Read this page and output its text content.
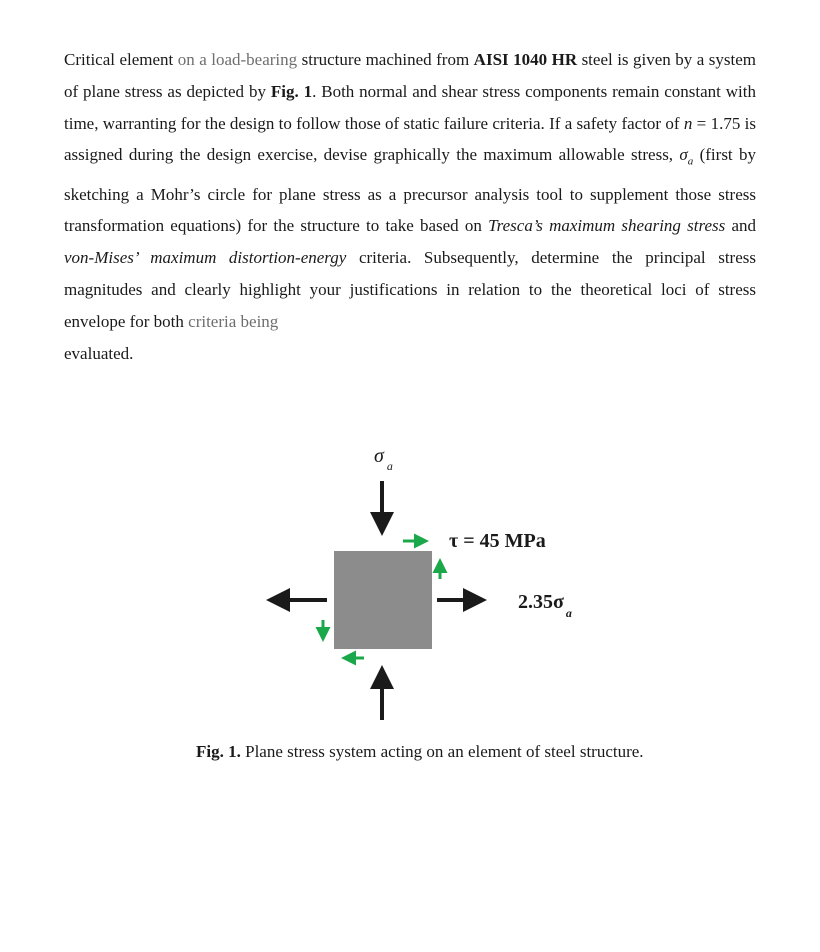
Critical element on a load-bearing structure machined from AISI 1040 HR steel is given by a system of plane stress as depicted by Fig. 1. Both normal and shear stress components remain constant with time, warranting for the design to follow those of static failure criteria. If a safety factor of n = 1.75 is assigned during the design exercise, devise graphically the maximum allowable stress, $\sigma_a$ (first by sketching a Mohr’s circle for plane stress as a precursor analysis tool to supplement those stress transformation equations) for the structure to take based on Tresca’s maximum shearing stress and von-Mises’ maximum distortion-energy criteria. Subsequently, determine the principal stress magnitudes and clearly highlight your justifications in relation to the theoretical loci of stress envelope for both criteria being
evaluated.

σ $_a$
τ = 45 MPa
2.35σ $_a$
Fig. 1. Plane stress system acting on an element of steel structure.
